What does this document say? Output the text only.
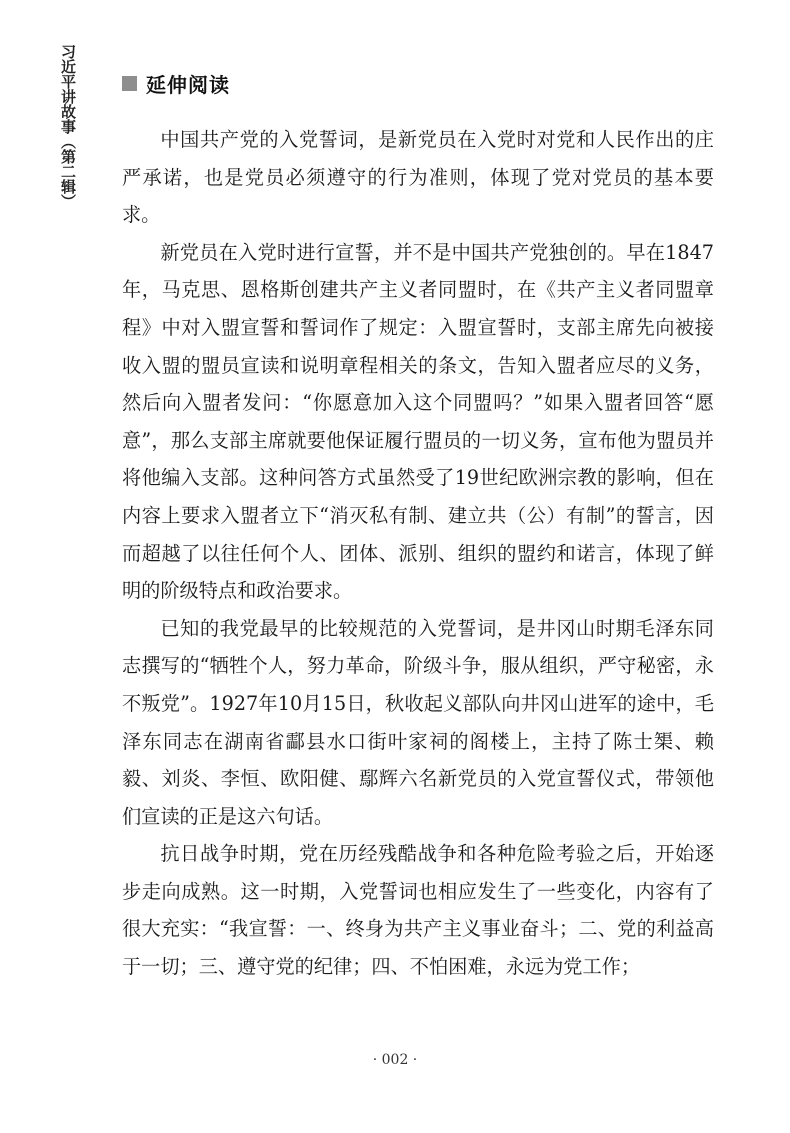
习近平讲故事（第二辑）	延伸阅读

中国共产党的入党誓词，是新党员在入党时对党和人民作出的庄严承诺，也是党员必须遵守的行为准则，体现了党对党员的基本要求。

新党员在入党时进行宣誓，并不是中国共产党独创的。早在1847年，马克思、恩格斯创建共产主义者同盟时，在《共产主义者同盟章程》中对入盟宣誓和誓词作了规定：入盟宣誓时，支部主席先向被接收入盟的盟员宣读和说明章程相关的条文，告知入盟者应尽的义务，然后向入盟者发问：“你愿意加入这个同盟吗？”如果入盟者回答“愿意”，那么支部主席就要他保证履行盟员的一切义务，宣布他为盟员并将他编入支部。这种问答方式虽然受了19世纪欧洲宗教的影响，但在内容上要求入盟者立下“消灭私有制、建立共（公）有制”的誓言，因而超越了以往任何个人、团体、派别、组织的盟约和诺言，体现了鲜明的阶级特点和政治要求。

已知的我党最早的比较规范的入党誓词，是井冈山时期毛泽东同志撰写的“牺牲个人，努力革命，阶级斗争，服从组织，严守秘密，永不叛党”。1927年10月15日，秋收起义部队向井冈山进军的途中，毛泽东同志在湖南省酃县水口街叶家祠的阁楼上，主持了陈士榘、赖毅、刘炎、李恒、欧阳健、鄢辉六名新党员的入党宣誓仪式，带领他们宣读的正是这六句话。

抗日战争时期，党在历经残酷战争和各种危险考验之后，开始逐步走向成熟。这一时期，入党誓词也相应发生了一些变化，内容有了很大充实：“我宣誓：一、终身为共产主义事业奋斗；二、党的利益高于一切；三、遵守党的纪律；四、不怕困难，永远为党工作；

· 002 ·
